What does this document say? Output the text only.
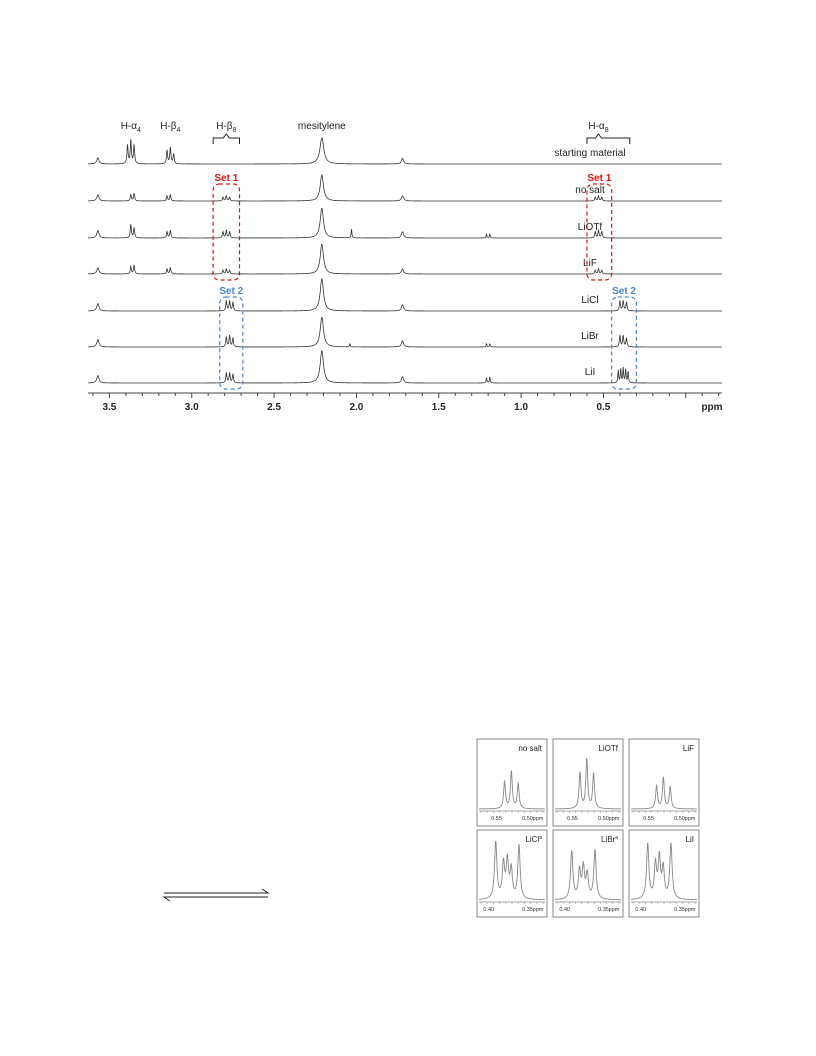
starting material
no salt
LiOTf
LiF
LiCl
LiBr
LiI
3.5	3.0	2.5	2.0	1.5	1.0	0.5	ppm
$H-\alpha_4$ $H-\beta_4$	$H-\beta_8$	mesitylene	$H-\alpha_8$
Set 1	Set 1
Set 2	Set 2
0.55	0.50 ppm
no salt
0.55	0.50 ppm
LiOTf
0.55	0.50 ppm
LiF
0.40	0.35 ppm
LiCl$^a$
0.40	0.35 ppm
LiBr$^a$
0.40	0.35 ppm
LiI
